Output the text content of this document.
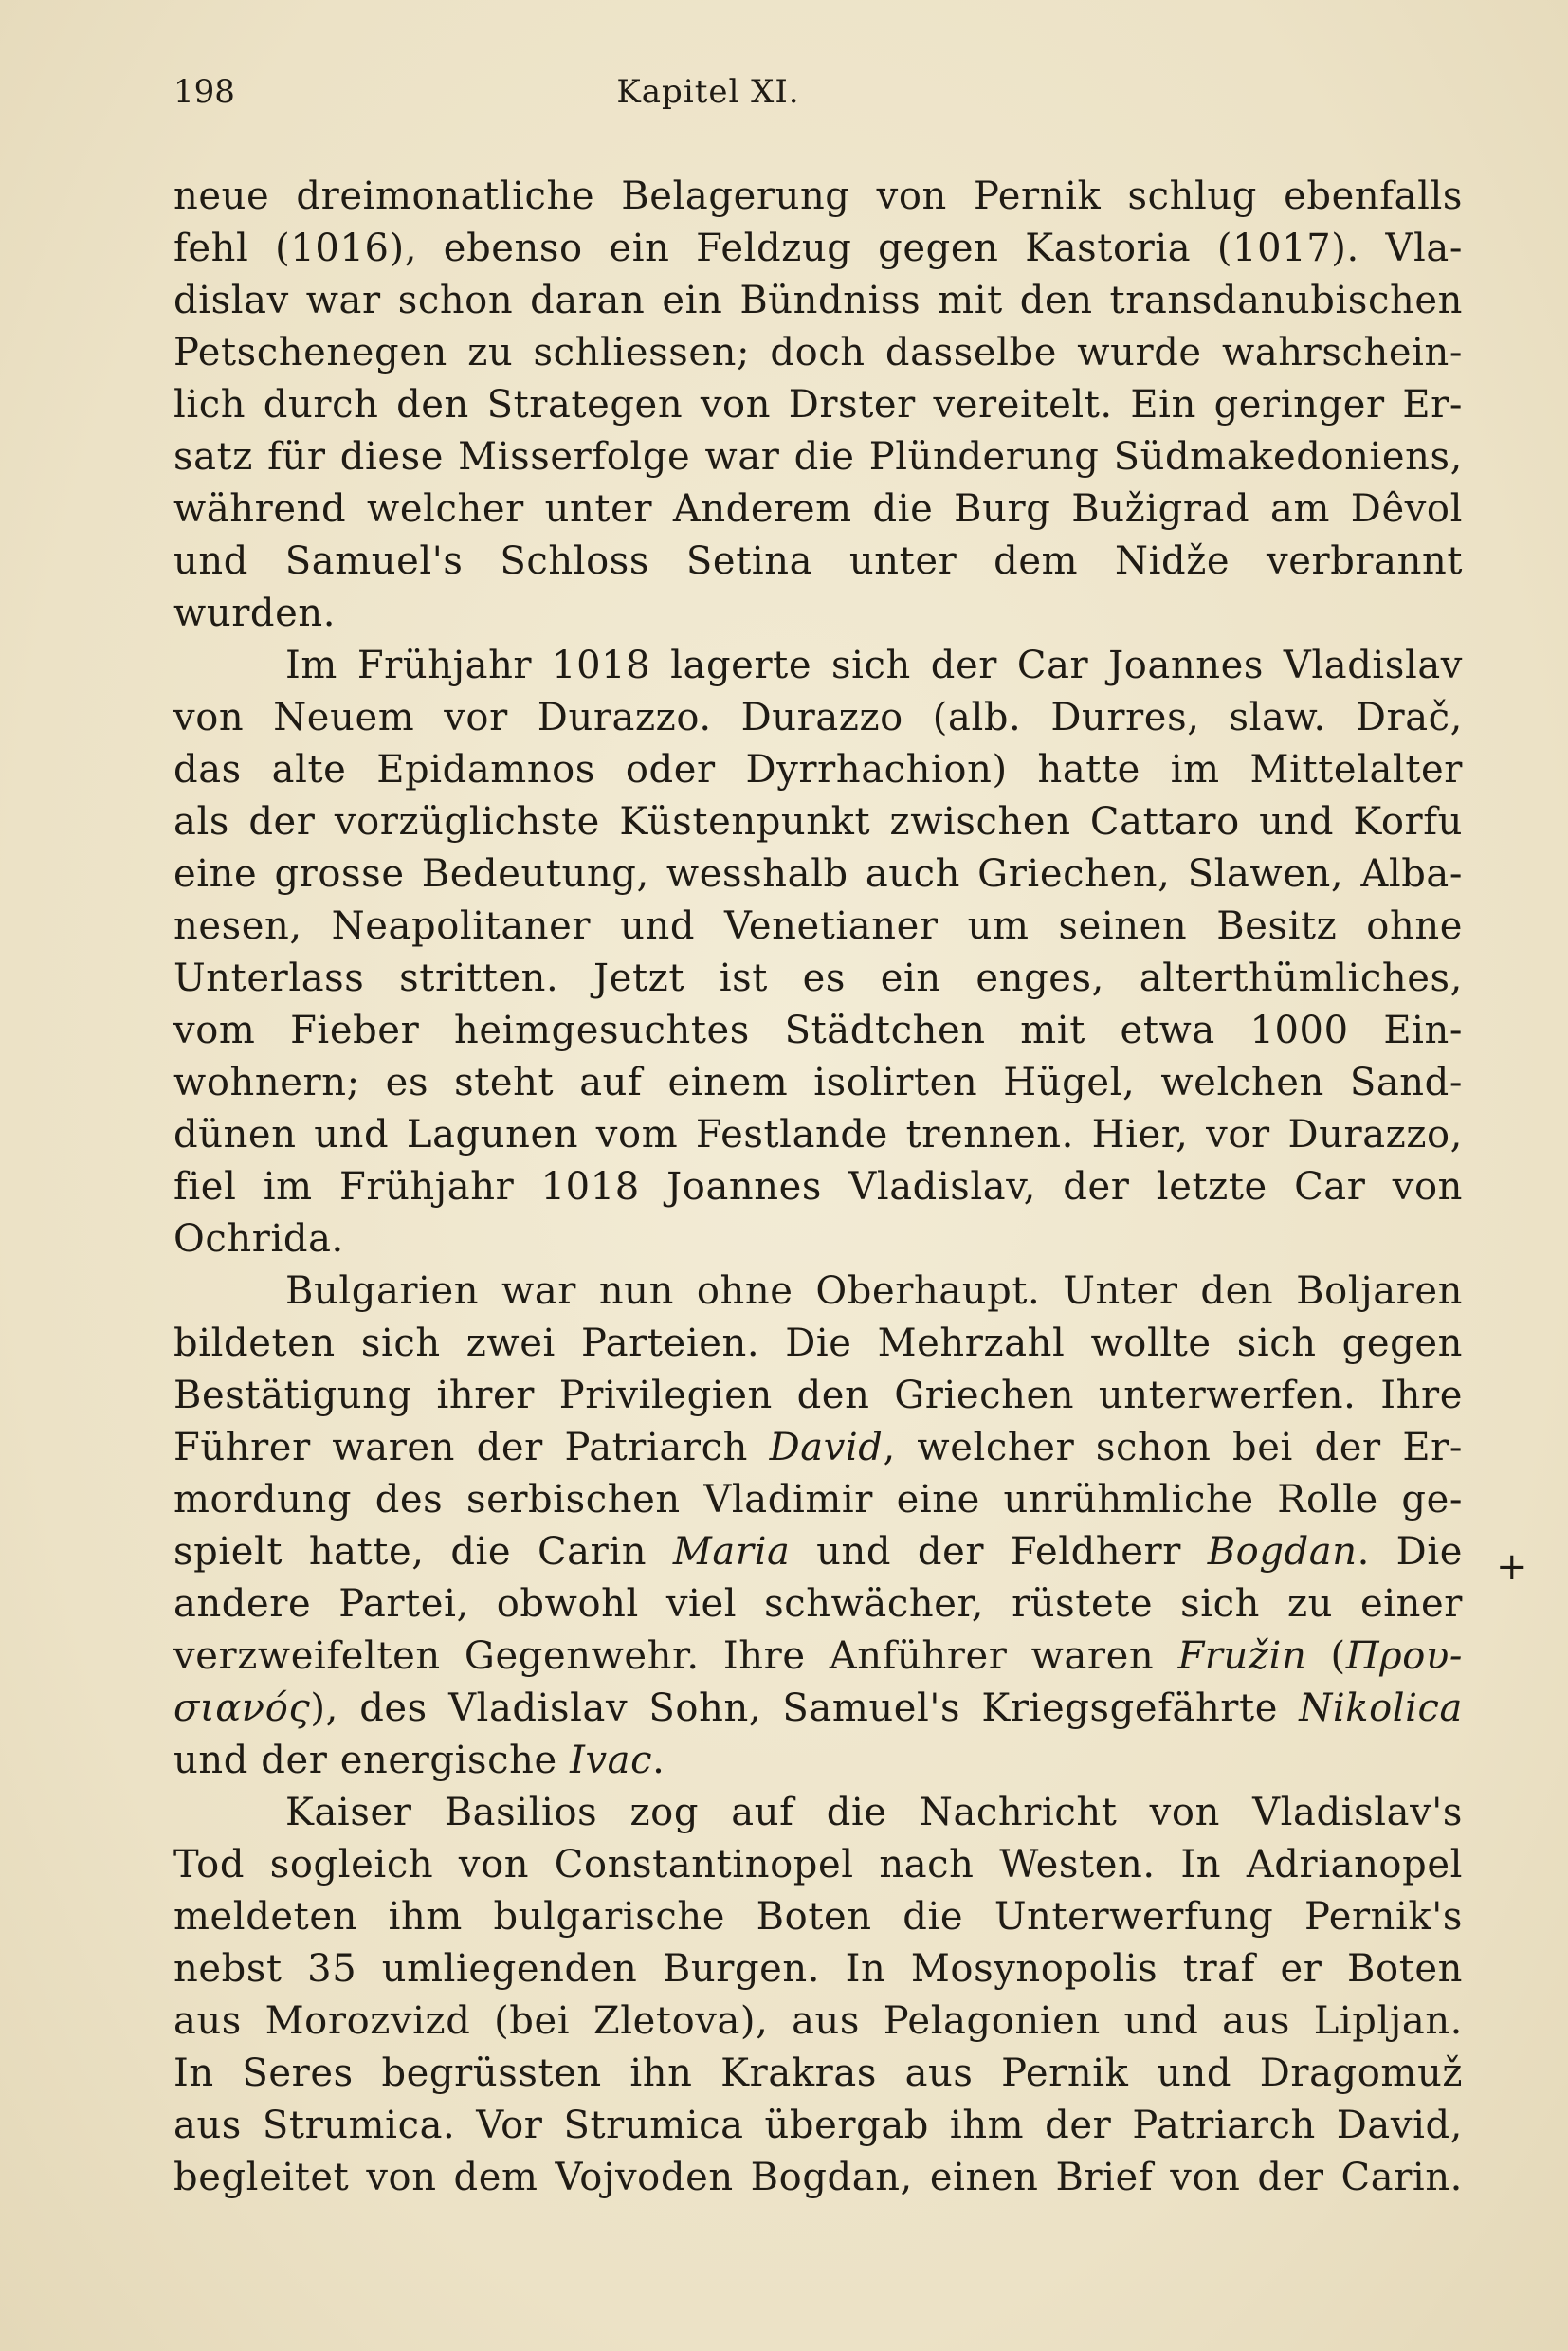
198	Kapitel XI.
neue dreimonatliche Belagerung von Pernik schlug ebenfalls
fehl (1016), ebenso ein Feldzug gegen Kastoria (1017). Vla-
dislav war schon daran ein Bündniss mit den transdanubischen
Petschenegen zu schliessen; doch dasselbe wurde wahrschein-
lich durch den Strategen von Drster vereitelt. Ein geringer Er-
satz für diese Misserfolge war die Plünderung Südmakedoniens,
während welcher unter Anderem die Burg Bužigrad am Dêvol
und Samuel's Schloss Setina unter dem Nidže verbrannt
wurden.
Im Frühjahr 1018 lagerte sich der Car Joannes Vladislav
von Neuem vor Durazzo. Durazzo (alb. Durres, slaw. Drač,
das alte Epidamnos oder Dyrrhachion) hatte im Mittelalter
als der vorzüglichste Küstenpunkt zwischen Cattaro und Korfu
eine grosse Bedeutung, wesshalb auch Griechen, Slawen, Alba-
nesen, Neapolitaner und Venetianer um seinen Besitz ohne
Unterlass stritten. Jetzt ist es ein enges, alterthümliches,
vom Fieber heimgesuchtes Städtchen mit etwa 1000 Ein-
wohnern; es steht auf einem isolirten Hügel, welchen Sand-
dünen und Lagunen vom Festlande trennen. Hier, vor Durazzo,
fiel im Frühjahr 1018 Joannes Vladislav, der letzte Car von
Ochrida.
Bulgarien war nun ohne Oberhaupt. Unter den Boljaren
bildeten sich zwei Parteien. Die Mehrzahl wollte sich gegen
Bestätigung ihrer Privilegien den Griechen unterwerfen. Ihre
Führer waren der Patriarch David, welcher schon bei der Er-
mordung des serbischen Vladimir eine unrühmliche Rolle ge-
spielt hatte, die Carin Maria und der Feldherr Bogdan. Die
andere Partei, obwohl viel schwächer, rüstete sich zu einer
verzweifelten Gegenwehr. Ihre Anführer waren Fružin (Πρου-
σιανός), des Vladislav Sohn, Samuel's Kriegsgefährte Nikolica
und der energische Ivac.
Kaiser Basilios zog auf die Nachricht von Vladislav's
Tod sogleich von Constantinopel nach Westen. In Adrianopel
meldeten ihm bulgarische Boten die Unterwerfung Pernik's
nebst 35 umliegenden Burgen. In Mosynopolis traf er Boten
aus Morozvizd (bei Zletova), aus Pelagonien und aus Lipljan.
In Seres begrüssten ihn Krakras aus Pernik und Dragomuž
aus Strumica. Vor Strumica übergab ihm der Patriarch David,
begleitet von dem Vojvoden Bogdan, einen Brief von der Carin.
+
